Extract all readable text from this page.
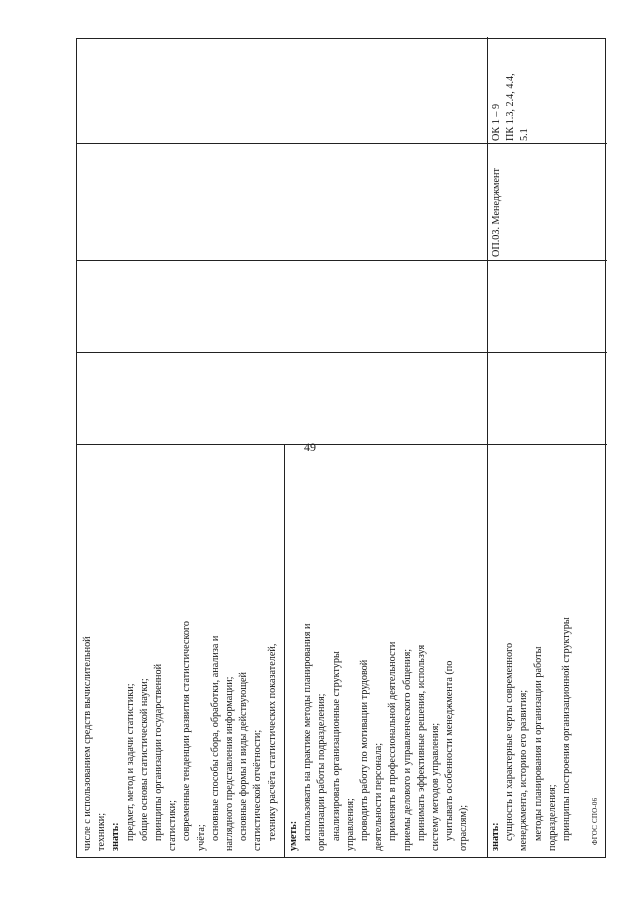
49
числе с использованием средств вычислительной техники; знать: предмет, метод и задачи статистики; общие основы статистической науки; принципы организации государственной статистики; современные тенденции развития статистического учёта; основные способы сбора, обработки, анализа и наглядного представления информации; основные формы и виды действующей статистической отчётности; технику расчёта статистических показателей, уметь: использовать на практике методы планирования и организации работы подразделения; анализировать организационные структуры управления; проводить работу по мотивации трудовой деятельности персонала; применять в профессиональной деятельности приемы делового и управленческого общения; принимать эффективные решения, используя систему методов управления; учитывать особенности менеджмента (по отраслям); знать: сущность и характерные черты современного менеджмента, историю его развития; методы планирования и организации работы подразделения; принципы построения организационной структуры
ОП.03. Менеджмент
ОК 1 – 9 ПК 1.3, 2.4, 4.4, 5.1
ФГОС СПО-06
